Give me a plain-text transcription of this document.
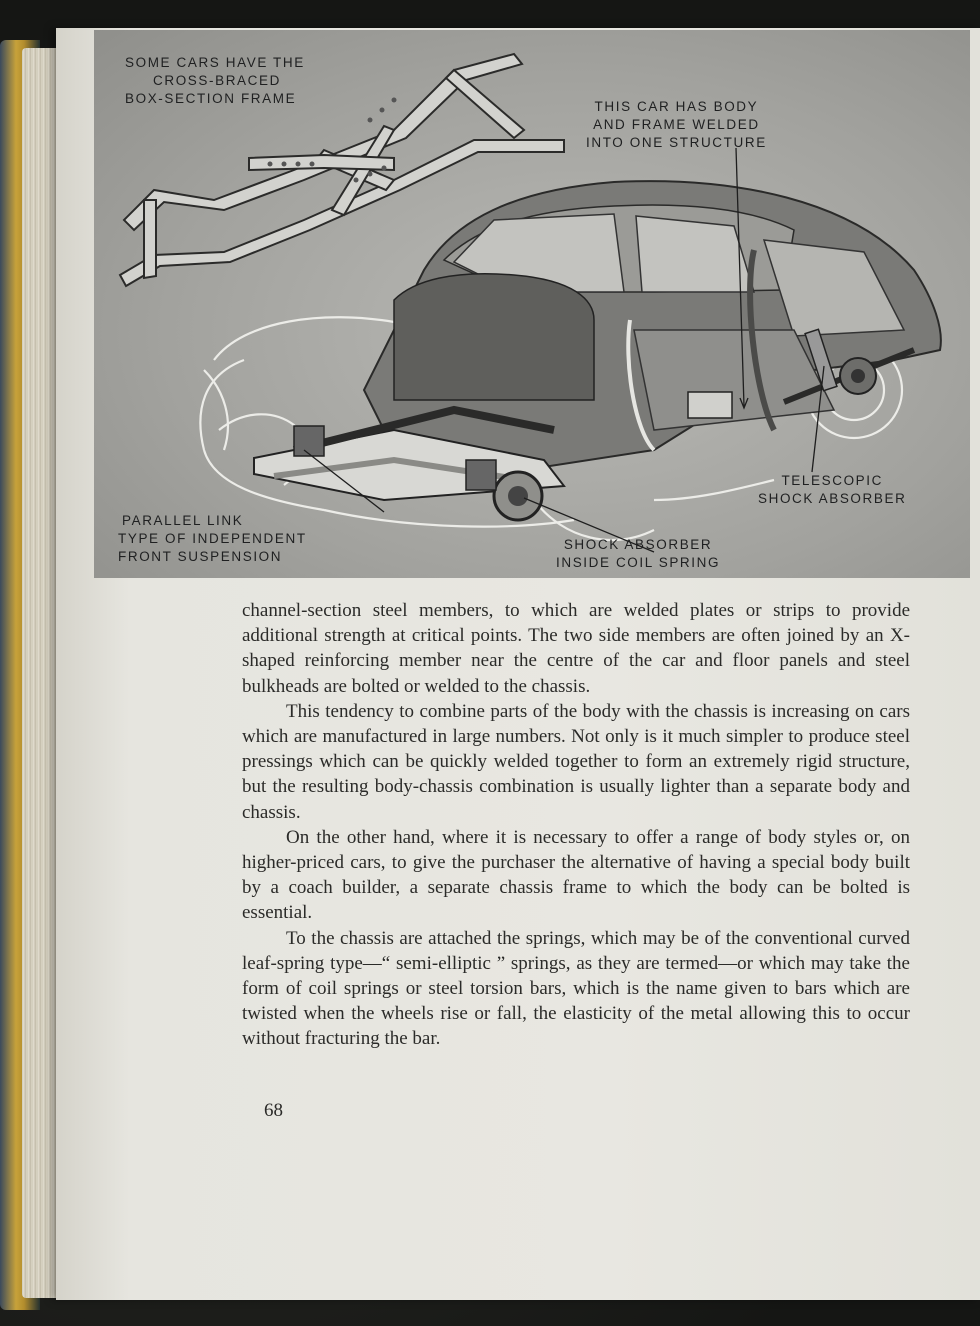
SOME CARS HAVE THE
CROSS-BRACED
BOX-SECTION FRAME
THIS CAR HAS BODY
AND FRAME WELDED
INTO ONE STRUCTURE
TELESCOPIC
SHOCK ABSORBER
PARALLEL LINK
TYPE OF INDEPENDENT
FRONT SUSPENSION
SHOCK ABSORBER
INSIDE COIL SPRING

channel-section steel members, to which are welded plates or strips to provide additional strength at critical points. The two side members are often joined by an X-shaped reinforcing member near the centre of the car and floor panels and steel bulkheads are bolted or welded to the chassis.

This tendency to combine parts of the body with the chassis is increasing on cars which are manufactured in large numbers. Not only is it much simpler to produce steel pressings which can be quickly welded together to form an extremely rigid structure, but the resulting body-chassis combination is usually lighter than a separate body and chassis.

On the other hand, where it is necessary to offer a range of body styles or, on higher-priced cars, to give the purchaser the alternative of having a special body built by a coach builder, a separate chassis frame to which the body can be bolted is essential.

To the chassis are attached the springs, which may be of the conventional curved leaf-spring type—“ semi-elliptic ” springs, as they are termed—or which may take the form of coil springs or steel torsion bars, which is the name given to bars which are twisted when the wheels rise or fall, the elasticity of the metal allowing this to occur without fracturing the bar.

68
